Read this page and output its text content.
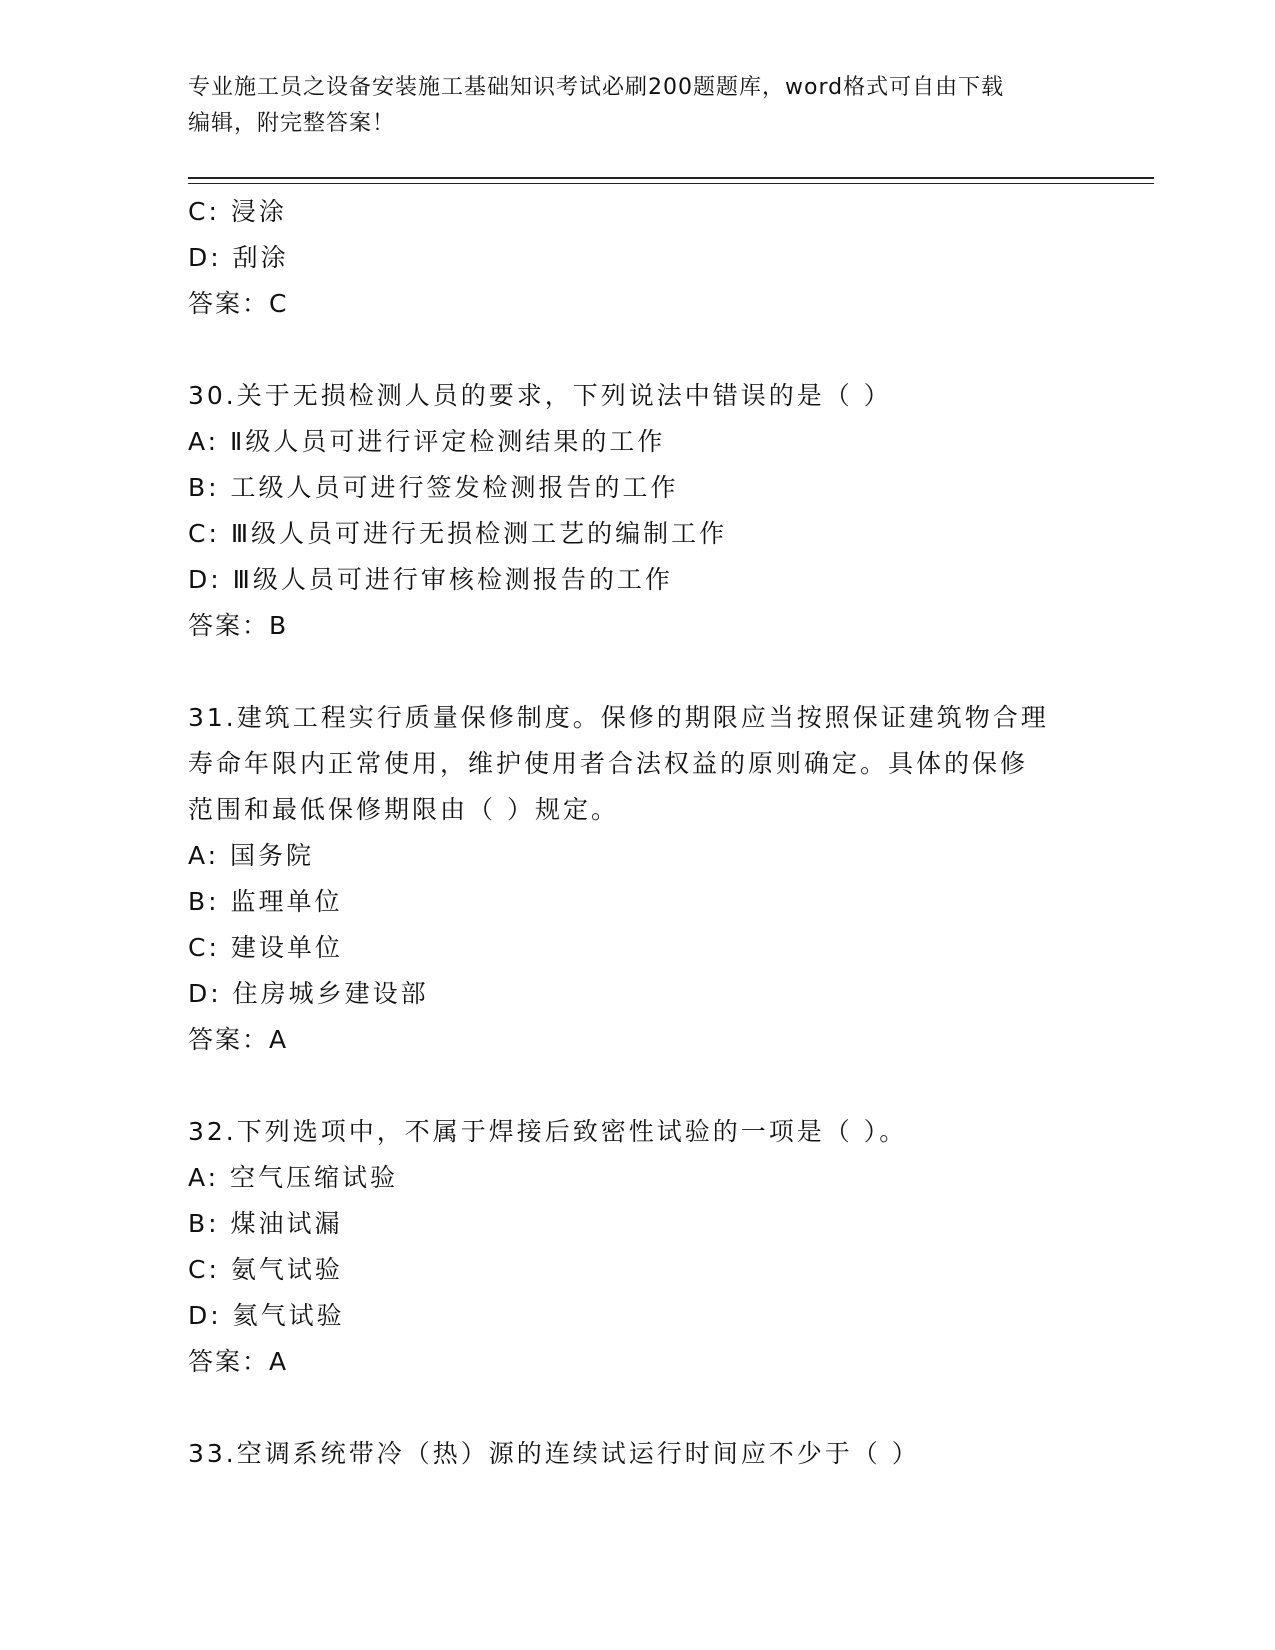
专业施工员之设备安装施工基础知识考试必刷200题题库，word格式可自由下载
编辑，附完整答案！
C: 浸涂
D: 刮涂
答案：C
30.关于无损检测人员的要求，下列说法中错误的是（ ）
A: Ⅱ级人员可进行评定检测结果的工作
B: 工级人员可进行签发检测报告的工作
C: Ⅲ级人员可进行无损检测工艺的编制工作
D: Ⅲ级人员可进行审核检测报告的工作
答案：B
31.建筑工程实行质量保修制度。保修的期限应当按照保证建筑物合理
寿命年限内正常使用，维护使用者合法权益的原则确定。具体的保修
范围和最低保修期限由（ ）规定。
A: 国务院
B: 监理单位
C: 建设单位
D: 住房城乡建设部
答案：A
32.下列选项中，不属于焊接后致密性试验的一项是（ ）。
A: 空气压缩试验
B: 煤油试漏
C: 氨气试验
D: 氦气试验
答案：A
33.空调系统带冷（热）源的连续试运行时间应不少于（ ）
